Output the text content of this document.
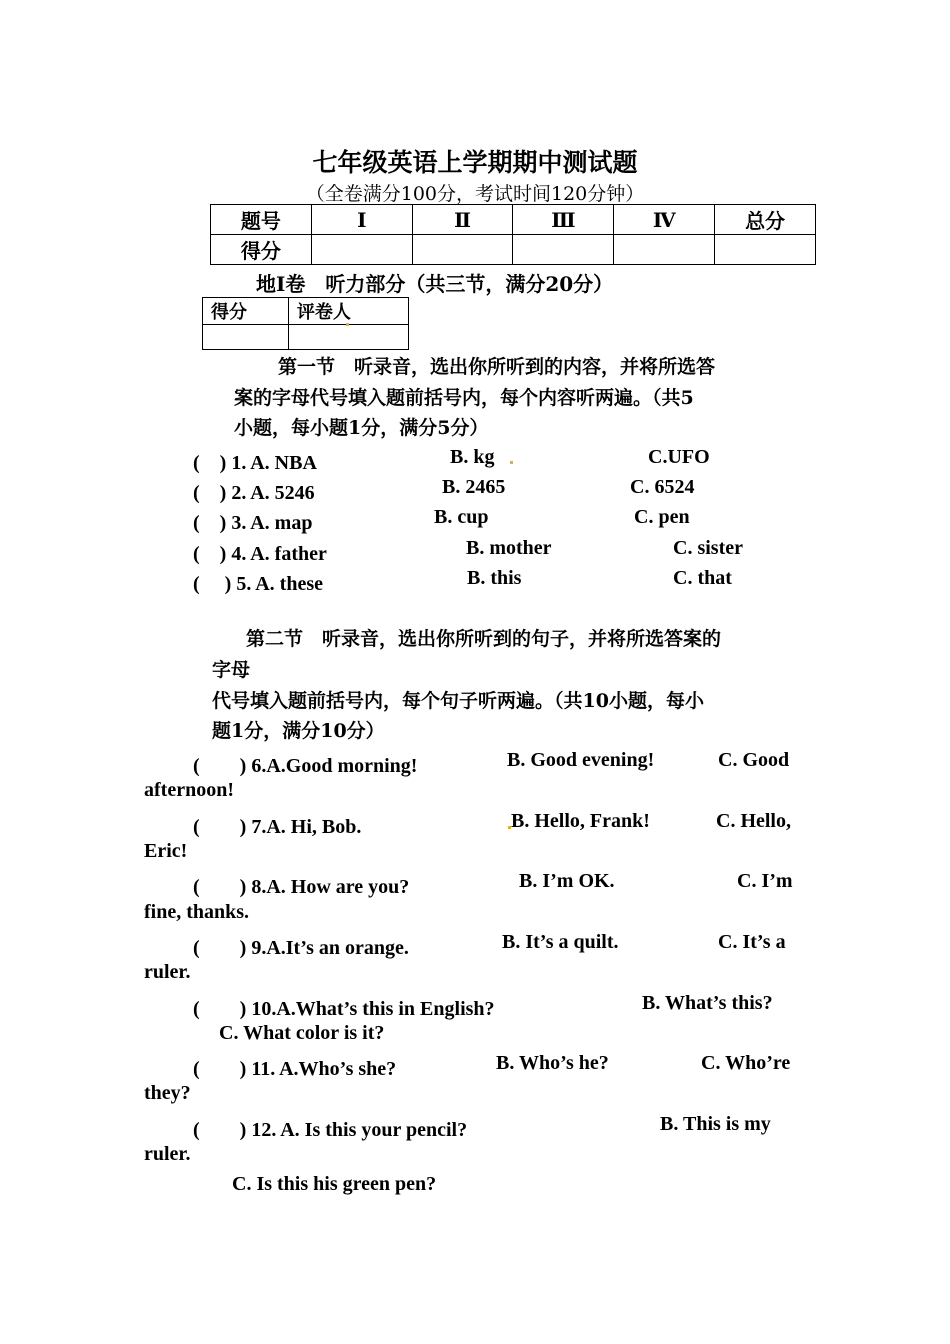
七年级英语上学期期中测试题
（全卷满分100分，考试时间120分钟）
题号	Ⅰ	Ⅱ	Ⅲ	Ⅳ	总分
得分					
地Ⅰ卷　听力部分（共三节，满分20分）
得分	评卷人

第一节　听录音，选出你所听到的内容，并将所选答
案的字母代号填入题前括号内，每个内容听两遍。（共5
小题，每小题1分，满分5分）
(　) 1. A. NBA	B. kg	C.UFO
(　) 2. A. 5246	B. 2465	C. 6524
(　) 3. A. map	B. cup	C. pen
(　) 4. A. father	B. mother	C. sister
(　 ) 5. A. these	B. this	C. that
第二节　听录音，选出你所听到的句子，并将所选答案的
字母
代号填入题前括号内，每个句子听两遍。（共10小题，每小
题1分，满分10分）
(　　) 6.A.Good morning!	B. Good evening!	C. Good
afternoon!
(　　) 7.A. Hi, Bob.	B. Hello, Frank!	C. Hello,
Eric!
(　　) 8.A. How are you?	B. I’m OK.	C. I’m
fine, thanks.
(　　) 9.A.It’s an orange.	B. It’s a quilt.	C. It’s a
ruler.
(　　) 10.A.What’s this in English?	B. What’s this?
C. What color is it?
(　　) 11. A.Who’s she?	B. Who’s he?	C. Who’re
they?
(　　) 12. A. Is this your pencil?	B. This is my
ruler.
C. Is this his green pen?
